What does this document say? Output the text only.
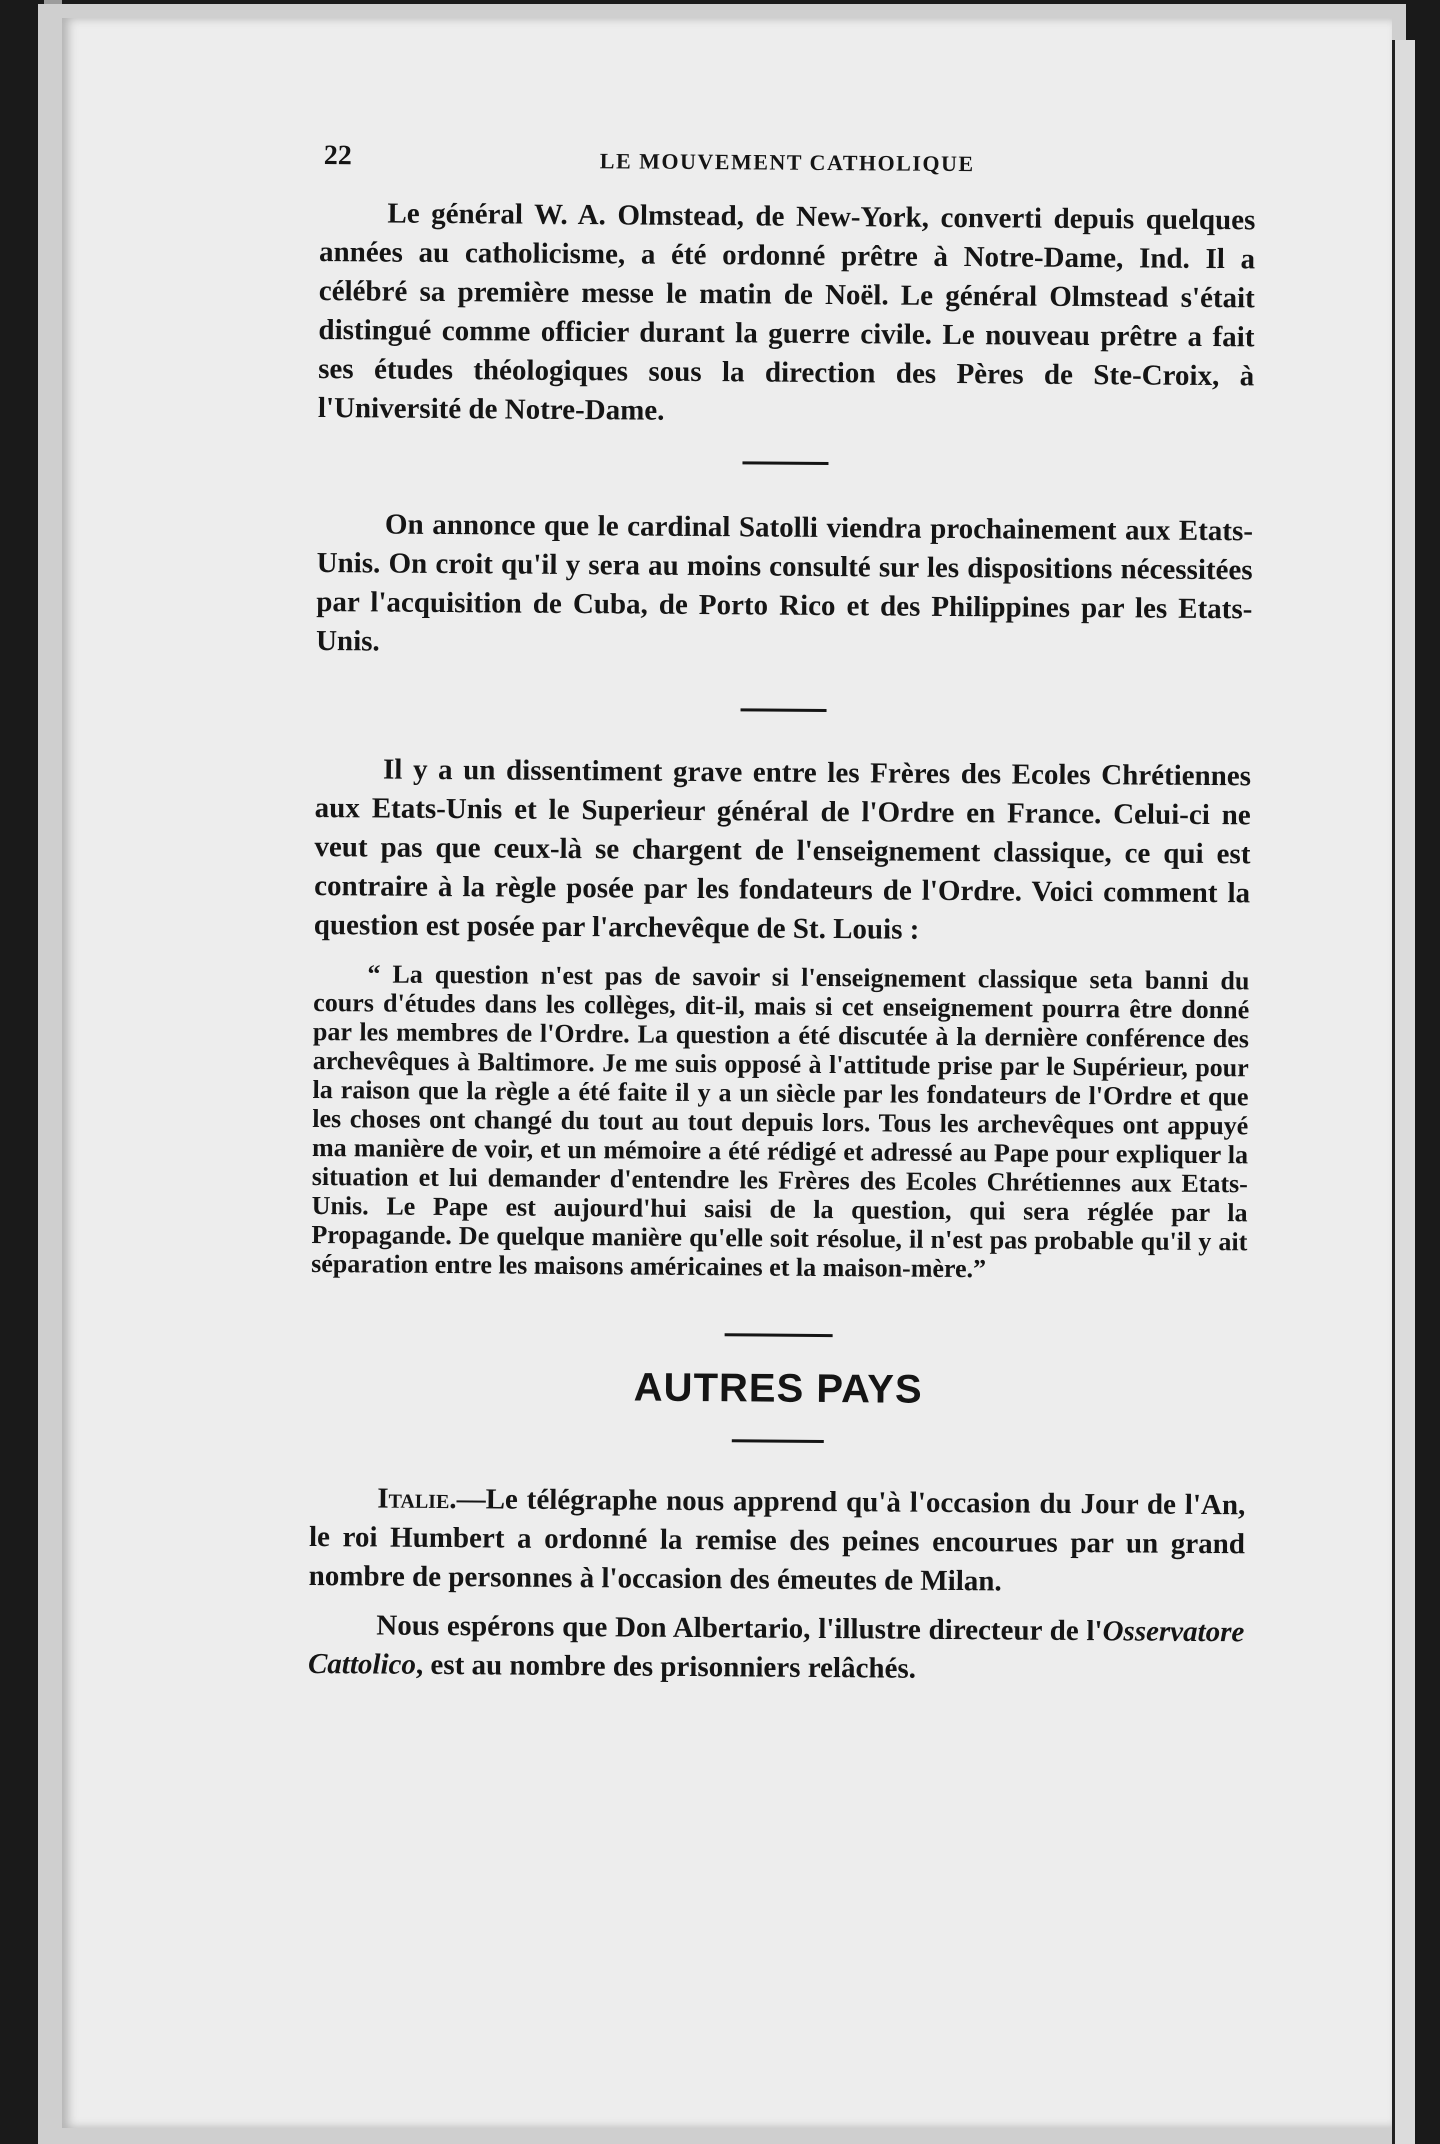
22	LE MOUVEMENT CATHOLIQUE

Le général W. A. Olmstead, de New-York, converti depuis quelques années au catholicisme, a été ordonné prêtre à Notre-Dame, Ind. Il a célébré sa première messe le matin de Noël. Le général Olmstead s'était distingué comme officier durant la guerre civile. Le nouveau prêtre a fait ses études théologiques sous la direction des Pères de Ste-Croix, à l'Université de Notre-Dame.

On annonce que le cardinal Satolli viendra prochainement aux Etats-Unis. On croit qu'il y sera au moins consulté sur les dispositions nécessitées par l'acquisition de Cuba, de Porto Rico et des Philippines par les Etats-Unis.

Il y a un dissentiment grave entre les Frères des Ecoles Chrétiennes aux Etats-Unis et le Superieur général de l'Ordre en France. Celui-ci ne veut pas que ceux-là se chargent de l'enseignement classique, ce qui est contraire à la règle posée par les fondateurs de l'Ordre. Voici comment la question est posée par l'archevêque de St. Louis :

“ La question n'est pas de savoir si l'enseignement classique seta banni du cours d'études dans les collèges, dit-il, mais si cet enseignement pourra être donné par les membres de l'Ordre. La question a été discutée à la dernière conférence des archevêques à Baltimore. Je me suis opposé à l'attitude prise par le Supérieur, pour la raison que la règle a été faite il y a un siècle par les fondateurs de l'Ordre et que les choses ont changé du tout au tout depuis lors. Tous les archevêques ont appuyé ma manière de voir, et un mémoire a été rédigé et adressé au Pape pour expliquer la situation et lui demander d'entendre les Frères des Ecoles Chrétiennes aux Etats-Unis. Le Pape est aujourd'hui saisi de la question, qui sera réglée par la Propagande. De quelque manière qu'elle soit résolue, il n'est pas probable qu'il y ait séparation entre les maisons américaines et la maison-mère.”

AUTRES PAYS

Italie.—Le télégraphe nous apprend qu'à l'occasion du Jour de l'An, le roi Humbert a ordonné la remise des peines encourues par un grand nombre de personnes à l'occasion des émeutes de Milan.

Nous espérons que Don Albertario, l'illustre directeur de l'Osservatore Cattolico, est au nombre des prisonniers relâchés.
